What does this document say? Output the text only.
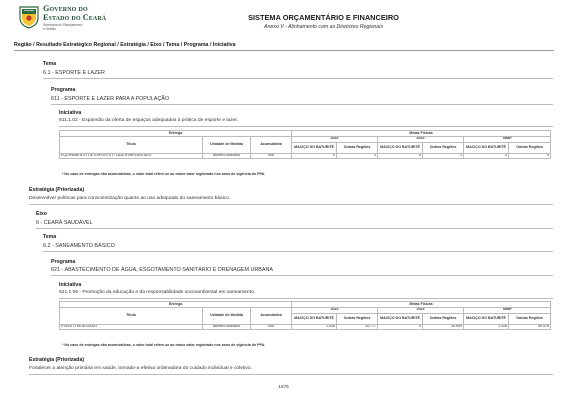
Governo do
Estado do Ceará
Secretaria do Planejamento
e Gestão
SISTEMA ORÇAMENTÁRIO E FINANCEIRO
Anexo V - Alinhamento com as Diretrizes Regionais
Região / Resultado Estratégico Regional / Estratégia / Eixo / Tema / Programa / Iniciativa
Tema
6.1 - ESPORTE E LAZER
Programa
611 - ESPORTE E LAZER PARA A POPULAÇÃO
Iniciativa
611.1.02 - Expansão da oferta de espaços adequados à prática de esporte e lazer.
Entrega			Metas Físicas					
Título	Unidade de Medida	Acumulativa	2022		2023		Total*	
			MACIÇO DO BATURITÉ	Outras Regiões	MACIÇO DO BATURITÉ	Outras Regiões	MACIÇO DO BATURITÉ	Outras Regiões

EQUIPAMENTO DE ESPORTE E LAZER IMPLANTADO	Número Absoluto	Sim	0	3	0	3	0	6
* No caso de entregas não acumulativas, o valor total refere-se ao maior valor registrado nos anos de vigência do PPA.
Estratégia (Priorizada)
Desenvolver políticas para conscientização quanto ao uso adequado do saneamento básico.
Eixo
6 - CEARÁ SAUDÁVEL
Tema
6.2 - SANEAMENTO BÁSICO
Programa
621 - ABASTECIMENTO DE ÁGUA, ESGOTAMENTO SANITÁRIO E DRENAGEM URBANA
Iniciativa
621.1.06 - Promoção da educação e da responsabilidade socioambiental em saneamento.
Entrega			Metas Físicas					
Título	Unidade de Medida	Acumulativa	2022		2023		Total*	
			MACIÇO DO BATURITÉ	Outras Regiões	MACIÇO DO BATURITÉ	Outras Regiões	MACIÇO DO BATURITÉ	Outras Regiões

EVENTO REALIZADO	Número Absoluto	Sim	1.028	30.777	0	28.699	1.028	59.476
* No caso de entregas não acumulativas, o valor total refere-se ao maior valor registrado nos anos de vigência do PPA.
Estratégia (Priorizada)
Fortalecer a atenção primária em saúde, tornado-a efetiva ordenadora do cuidado individual e coletivo.
1575
